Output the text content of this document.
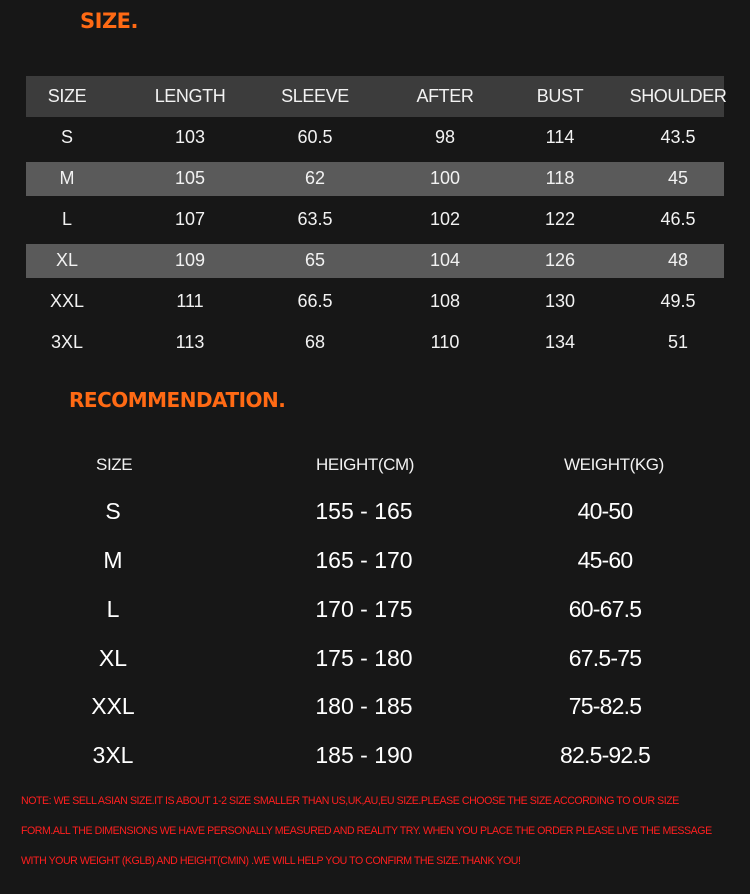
SIZE.
SIZE	LENGTH	SLEEVE	AFTER	BUST	SHOULDER
S	103	60.5	98	114	43.5
M	105	62	100	118	45
L	107	63.5	102	122	46.5
XL	109	65	104	126	48
XXL	111	66.5	108	130	49.5
3XL	113	68	110	134	51
RECOMMENDATION.
SIZE	HEIGHT(CM)	WEIGHT(KG)
S	155 - 165	40-50
M	165 - 170	45-60
L	170 - 175	60-67.5
XL	175 - 180	67.5-75
XXL	180 - 185	75-82.5
3XL	185 - 190	82.5-92.5
NOTE: WE SELL ASIAN SIZE.IT IS ABOUT 1-2 SIZE SMALLER THAN US,UK,AU,EU SIZE.PLEASE CHOOSE THE SIZE ACCORDING TO OUR SIZE
FORM.ALL THE DIMENSIONS WE HAVE PERSONALLY MEASURED AND REALITY TRY. WHEN YOU PLACE THE ORDER PLEASE LIVE THE MESSAGE
WITH YOUR WEIGHT (KGLB) AND HEIGHT(CMIN) .WE WILL HELP YOU TO CONFIRM THE SIZE.THANK YOU!
